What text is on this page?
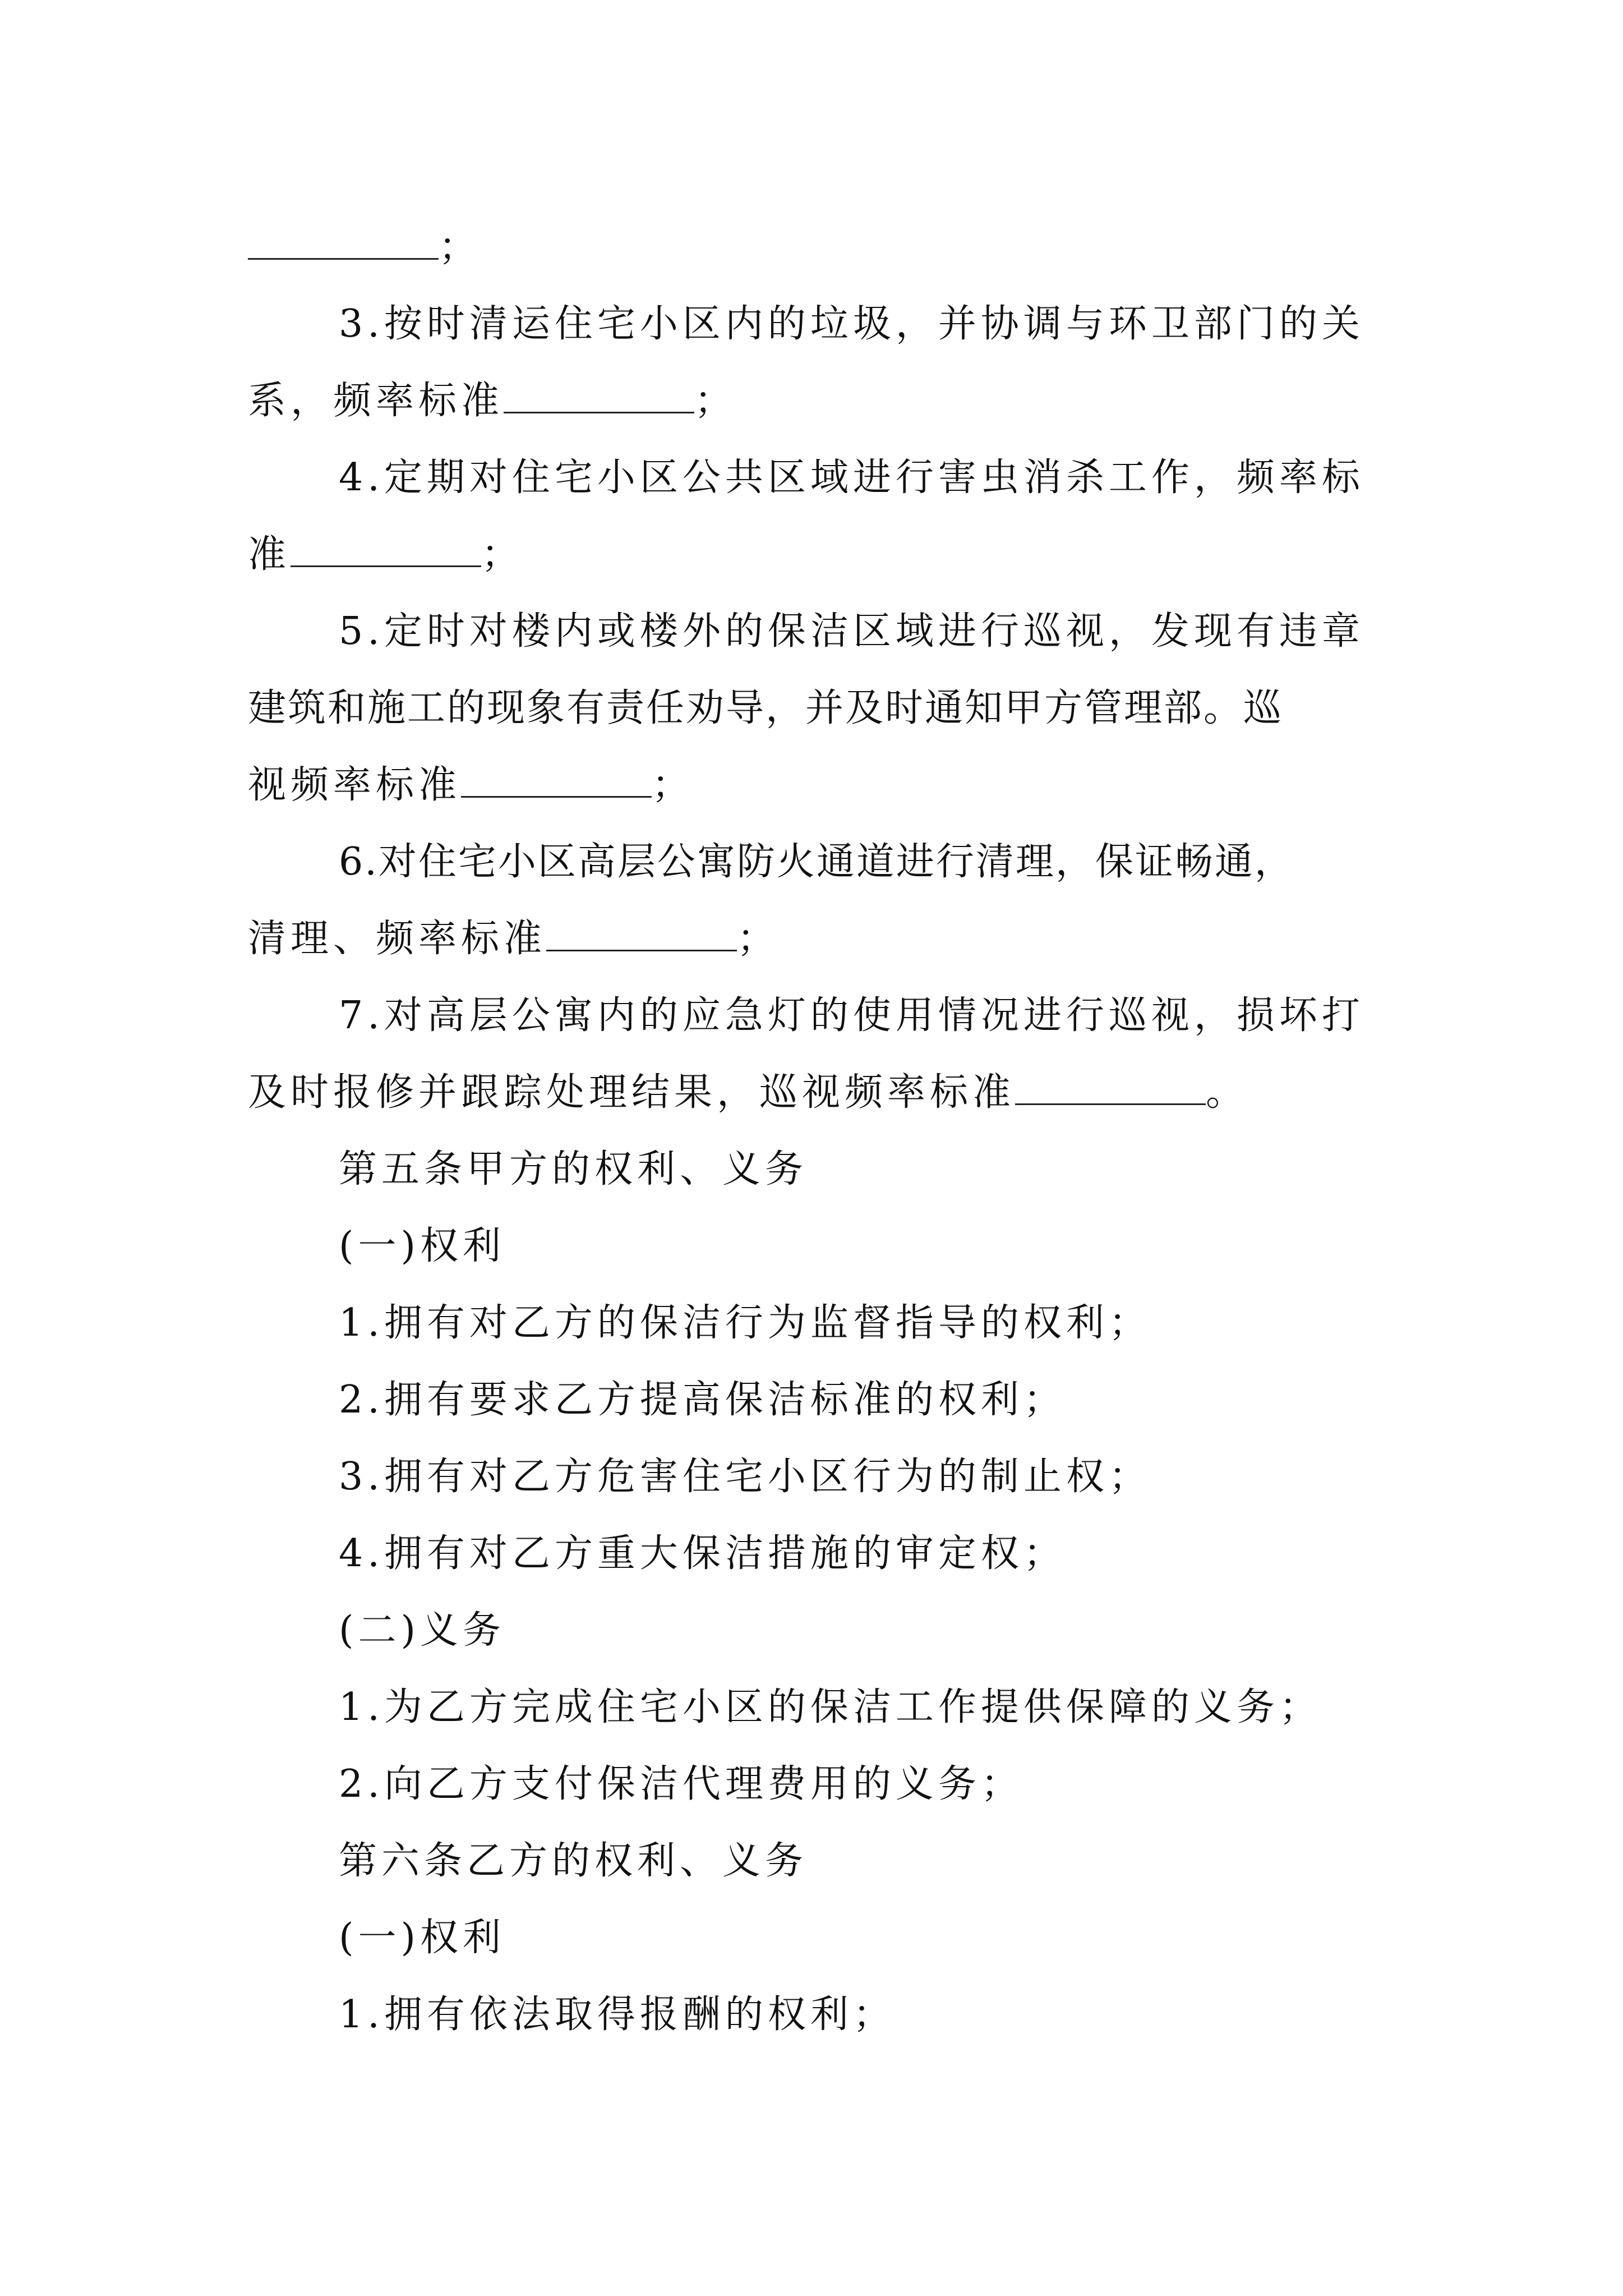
；
3.按时清运住宅小区内的垃圾，并协调与环卫部门的关
系，频率标准	；
4.定期对住宅小区公共区域进行害虫消杀工作，频率标
准	；
5.定时对楼内或楼外的保洁区域进行巡视，发现有违章
建筑和施工的现象有责任劝导，并及时通知甲方管理部。巡
视频率标准	；
6.对住宅小区高层公寓防火通道进行清理，保证畅通，
清理、频率标准	；
7.对高层公寓内的应急灯的使用情况进行巡视，损坏打
及时报修并跟踪处理结果，巡视频率标准	。
第五条甲方的权利、义务
(一)权利
1.拥有对乙方的保洁行为监督指导的权利；
2.拥有要求乙方提高保洁标准的权利；
3.拥有对乙方危害住宅小区行为的制止权；
4.拥有对乙方重大保洁措施的审定权；
(二)义务
1.为乙方完成住宅小区的保洁工作提供保障的义务；
2.向乙方支付保洁代理费用的义务；
第六条乙方的权利、义务
(一)权利
1.拥有依法取得报酬的权利；
